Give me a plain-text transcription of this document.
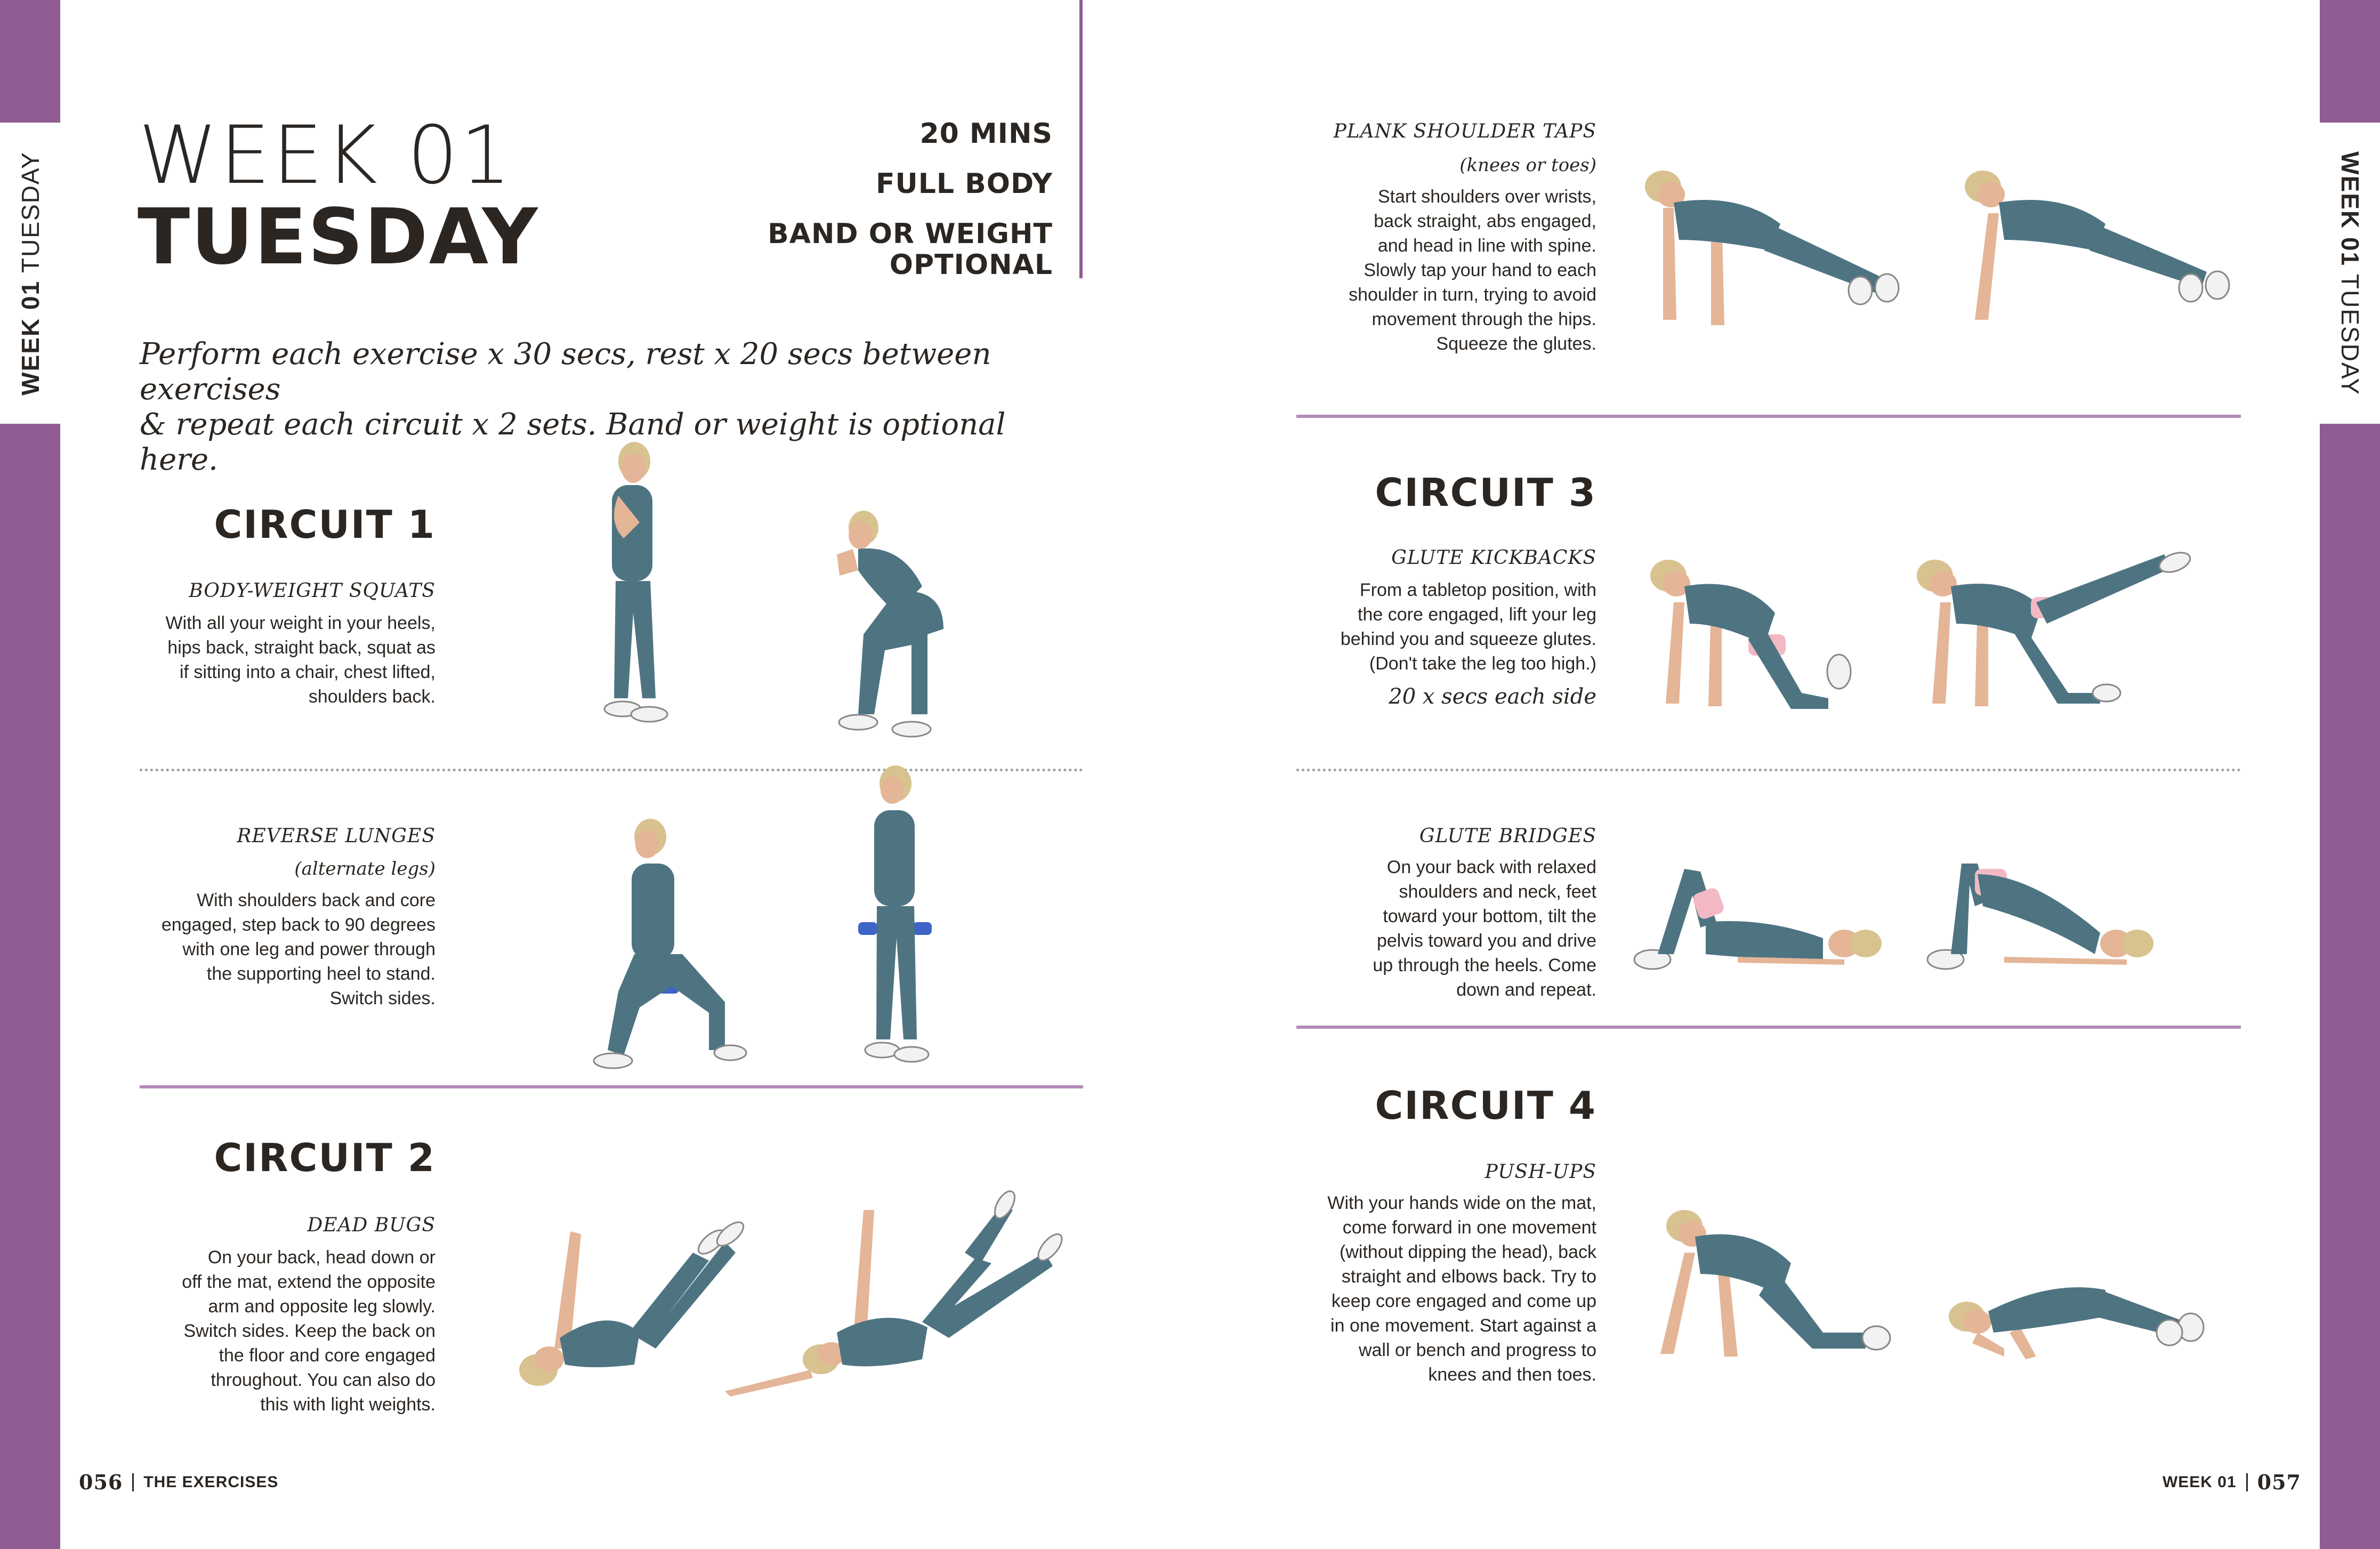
WEEK 01 TUESDAY	WEEK 01 TUESDAY
WEEK 01
TUESDAY
20 MINS
FULL BODY
BAND OR WEIGHT
OPTIONAL
Perform each exercise x 30 secs, rest x 20 secs between exercises
& repeat each circuit x 2 sets. Band or weight is optional here.
CIRCUIT 1
BODY-WEIGHT SQUATS
With all your weight in your heels,
hips back, straight back, squat as
if sitting into a chair, chest lifted,
shoulders back.
REVERSE LUNGES
(alternate legs)
With shoulders back and core
engaged, step back to 90 degrees
with one leg and power through
the supporting heel to stand.
Switch sides.
CIRCUIT 2
DEAD BUGS
On your back, head down or
off the mat, extend the opposite
arm and opposite leg slowly.
Switch sides. Keep the back on
the floor and core engaged
throughout. You can also do
this with light weights.
PLANK SHOULDER TAPS
(knees or toes)
Start shoulders over wrists,
back straight, abs engaged,
and head in line with spine.
Slowly tap your hand to each
shoulder in turn, trying to avoid
movement through the hips.
Squeeze the glutes.
CIRCUIT 3
GLUTE KICKBACKS
From a tabletop position, with
the core engaged, lift your leg
behind you and squeeze glutes.
(Don't take the leg too high.)
20 x secs each side
GLUTE BRIDGES
On your back with relaxed
shoulders and neck, feet
toward your bottom, tilt the
pelvis toward you and drive
up through the heels. Come
down and repeat.
CIRCUIT 4
PUSH-UPS
With your hands wide on the mat,
come forward in one movement
(without dipping the head), back
straight and elbows back. Try to
keep core engaged and come up
in one movement. Start against a
wall or bench and progress to
knees and then toes.
056 THE EXERCISES	WEEK 01 057
